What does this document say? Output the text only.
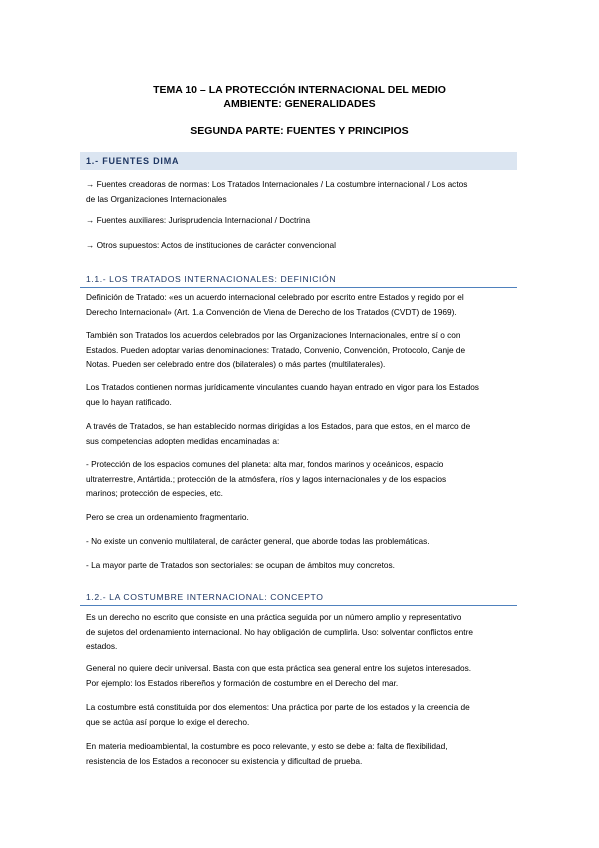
TEMA 10 – LA PROTECCIÓN INTERNACIONAL DEL MEDIO
AMBIENTE: GENERALIDADES
SEGUNDA PARTE: FUENTES Y PRINCIPIOS
1.- FUENTES DIMA
→ Fuentes creadoras de normas: Los Tratados Internacionales / La costumbre internacional / Los actos
de las Organizaciones Internacionales
→ Fuentes auxiliares: Jurisprudencia Internacional / Doctrina
→ Otros supuestos: Actos de instituciones de carácter convencional
1.1.- LOS TRATADOS INTERNACIONALES: DEFINICIÓN
Definición de Tratado: «es un acuerdo internacional celebrado por escrito entre Estados y regido por el
Derecho Internacional» (Art. 1.a Convención de Viena de Derecho de los Tratados (CVDT) de 1969).
También son Tratados los acuerdos celebrados por las Organizaciones Internacionales, entre sí o con
Estados. Pueden adoptar varias denominaciones: Tratado, Convenio, Convención, Protocolo, Canje de
Notas. Pueden ser celebrado entre dos (bilaterales) o más partes (multilaterales).
Los Tratados contienen normas jurídicamente vinculantes cuando hayan entrado en vigor para los Estados
que lo hayan ratificado.
A través de Tratados, se han establecido normas dirigidas a los Estados, para que estos, en el marco de
sus competencias adopten medidas encaminadas a:
- Protección de los espacios comunes del planeta: alta mar, fondos marinos y oceánicos, espacio
ultraterrestre, Antártida.; protección de la atmósfera, ríos y lagos internacionales y de los espacios
marinos; protección de especies, etc.
Pero se crea un ordenamiento fragmentario.
- No existe un convenio multilateral, de carácter general, que aborde todas las problemáticas.
- La mayor parte de Tratados son sectoriales: se ocupan de ámbitos muy concretos.
1.2.- LA COSTUMBRE INTERNACIONAL: CONCEPTO
Es un derecho no escrito que consiste en una práctica seguida por un número amplio y representativo
de sujetos del ordenamiento internacional. No hay obligación de cumplirla. Uso: solventar conflictos entre
estados.
General no quiere decir universal. Basta con que esta práctica sea general entre los sujetos interesados.
Por ejemplo: los Estados ribereños y formación de costumbre en el Derecho del mar.
La costumbre está constituida por dos elementos: Una práctica por parte de los estados y la creencia de
que se actúa así porque lo exige el derecho.
En materia medioambiental, la costumbre es poco relevante, y esto se debe a: falta de flexibilidad,
resistencia de los Estados a reconocer su existencia y dificultad de prueba.
